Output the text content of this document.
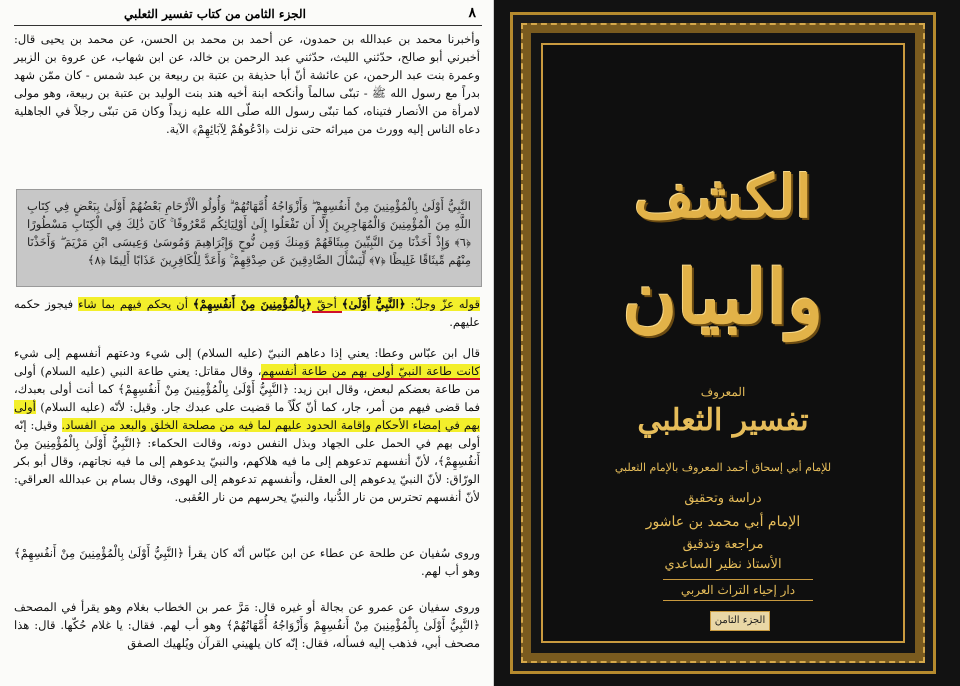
٨
الجزء الثامن من كتاب تفسير الثعلبي
وأخبرنا محمد بن عبدالله بن حمدون، عن أحمد بن محمد بن الحسن، عن محمد بن يحيى قال: أخبرني أبو صالح، حدّثني الليث، حدّثني عبد الرحمن بن خالد، عن ابن شهاب، عن عروة بن الزبير وعمرة بنت عبد الرحمن، عن عائشة أنّ أبا حذيفة بن عتبة بن ربيعة بن عبد شمس - كان ممّن شهد بدراً مع رسول الله ﷺ - تبنّى سالماً وأنكحه ابنة أخيه هند بنت الوليد بن عتبة بن ربيعة، وهو مولى لامرأة من الأنصار فتيناه، كما تبنّى رسول الله صلّى الله عليه زيداً وكان مَن تبنّى رجلاً في الجاهلية دعاه الناس إليه وورث من ميراثه حتى نزلت ﴿ادْعُوهُمْ لِآبَائِهِمْ﴾ الآية.

النَّبِيُّ أَوْلَىٰ بِالْمُؤْمِنِينَ مِنْ أَنفُسِهِمْ ۖ وَأَزْوَاجُهُ أُمَّهَاتُهُمْ ۗ وَأُولُو الْأَرْحَامِ بَعْضُهُمْ أَوْلَىٰ بِبَعْضٍ فِي كِتَابِ اللَّهِ مِنَ الْمُؤْمِنِينَ وَالْمُهَاجِرِينَ إِلَّا أَن تَفْعَلُوا إِلَىٰ أَوْلِيَائِكُم مَّعْرُوفًا ۚ كَانَ ذَٰلِكَ فِي الْكِتَابِ مَسْطُورًا ﴿٦﴾ وَإِذْ أَخَذْنَا مِنَ النَّبِيِّينَ مِيثَاقَهُمْ وَمِنكَ وَمِن نُّوحٍ وَإِبْرَاهِيمَ وَمُوسَىٰ وَعِيسَى ابْنِ مَرْيَمَ ۖ وَأَخَذْنَا مِنْهُم مِّيثَاقًا غَلِيظًا ﴿٧﴾ لِّيَسْأَلَ الصَّادِقِينَ عَن صِدْقِهِمْ ۚ وَأَعَدَّ لِلْكَافِرِينَ عَذَابًا أَلِيمًا ﴿٨﴾

قوله عزّ وجلّ: ﴿النَّبِيُّ أَوْلَىٰ﴾ أحقّ ﴿بِالْمُؤْمِنِينَ مِنْ أَنفُسِهِمْ﴾ أن يحكم فيهم بما شاء فيجوز حكمه عليهم.
قال ابن عبّاس وعطا: يعني إذا دعاهم النبيّ (عليه السلام) إلى شيء ودعتهم أنفسهم إلى شيء كانت طاعة النبيّ أولى بهم من طاعة أنفسهم، وقال مقاتل: يعني طاعة النبي (عليه السلام) أولى من طاعة بعضكم لبعض، وقال ابن زيد: ﴿النَّبِيُّ أَوْلَىٰ بِالْمُؤْمِنِينَ مِنْ أَنفُسِهِمْ﴾ كما أنت أولى بعبدك، فما قضى فيهم من أمر، جار، كما أنّ كلّاً ما قضيت على عبدك جار. وقيل: لأنّه (عليه السلام) أولى بهم في إمضاء الأحكام وإقامة الحدود عليهم لما فيه من مصلحة الخلق والبعد من الفساد. وقيل: إنّه أولى بهم في الحمل على الجهاد وبذل النفس دونه، وقالت الحكماء: ﴿النَّبِيُّ أَوْلَىٰ بِالْمُؤْمِنِينَ مِنْ أَنفُسِهِمْ﴾، لأنّ أنفسهم تدعوهم إلى ما فيه هلاكهم، والنبيّ يدعوهم إلى ما فيه نجاتهم، وقال أبو بكر الورّاق: لأنّ النبيّ يدعوهم إلى العقل، وأنفسهم تدعوهم إلى الهوى، وقال بسام بن عبدالله العراقي: لأنّ أنفسهم تحترس من نار الدُّنيا، والنبيّ يحرسهم من نار العُقبى.
وروى سُفيان عن طلحة عن عطاء عن ابن عبّاس أنّه كان يقرأ ﴿النَّبِيُّ أَوْلَىٰ بِالْمُؤْمِنِينَ مِنْ أَنفُسِهِمْ﴾ وهو أب لهم.
وروى سفيان عن عمرو عن بجالة أو غيره قال: مَرَّ عمر بن الخطاب بغلام وهو يقرأ في المصحف ﴿النَّبِيُّ أَوْلَىٰ بِالْمُؤْمِنِينَ مِنْ أَنفُسِهِمْ وَأَزْوَاجُهُ أُمَّهَاتُهُمْ﴾ وهو أب لهم. فقال: يا غلام حُكّها. قال: هذا مصحف أبي، فذهب إليه فسأله، فقال: إنّه كان يلهيني القرآن ويُلهيك الصفق
الكشف
والبيان
المعروف
تفسير الثعلبي
للإمام أبي إسحاق أحمد المعروف بالإمام الثعلبي
دراسة وتحقيق
الإمام أبي محمد بن عاشور
مراجعة وتدقيق
الأستاذ نظير الساعدي
دار إحياء التراث العربي
الجزء الثامن
